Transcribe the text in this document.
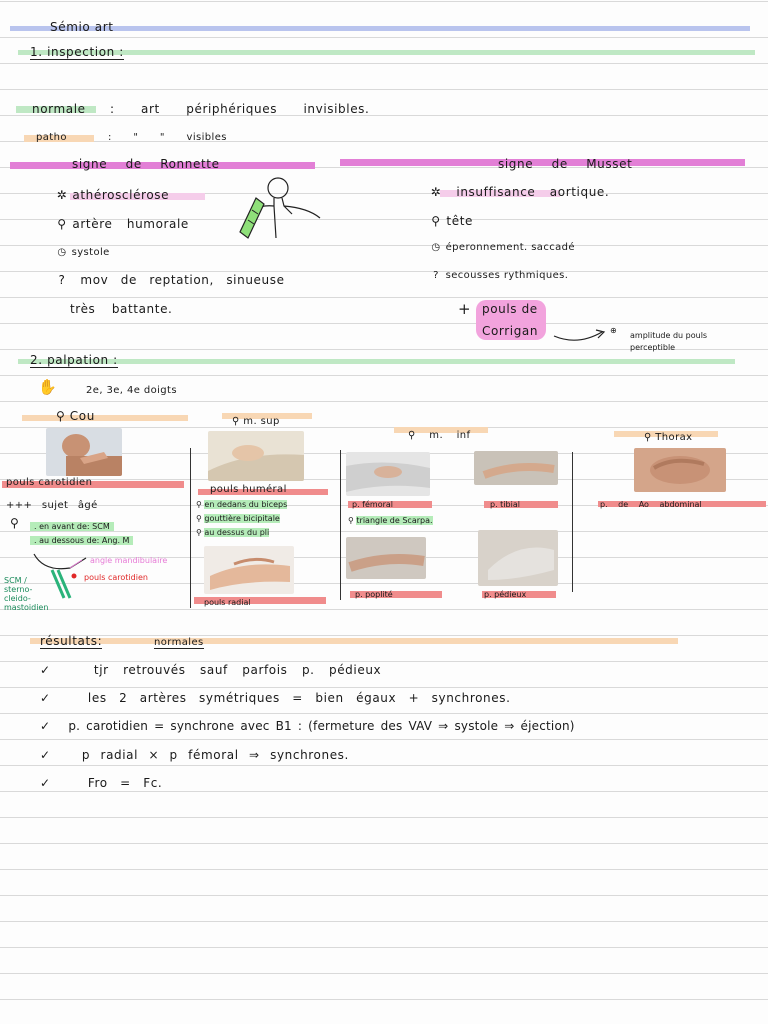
Sémio art
1. inspection :
normale : art périphériques invisibles.
patho	: " " visibles
signe de Ronnette
✲ athérosclérose
⚲ artère humorale
◷ systole
? mov de reptation, sinueuse
très battante.
signe de Musset
✲ insuffisance aortique.
⚲ tête
◷ éperonnement. saccadé
? secousses rythmiques.
+ pouls de Corrigan	⊕
amplitude du pouls perceptible
2. palpation :
✋	2e, 3e, 4e doigts
⚲ Cou
pouls carotidien
+++ sujet âgé
⚲	. en avant de: SCM
. au dessous de: Ang. M
angle mandibulaire
pouls carotidien
SCM / sterno-cleido-mastoidien
⚲ m. sup
pouls huméral
⚲ en dedans du biceps
⚲ gouttière bicipitale
⚲ au dessus du pli
pouls radial
⚲ m. inf
p. fémoral
⚲ triangle de Scarpa.
p. tibial
p. poplité	p. pédieux
⚲ Thorax
p. de Ao abdominal
résultats:	normales
✓	tjr retrouvés sauf parfois p. pédieux
✓	les 2 artères symétriques = bien égaux + synchrones.
✓ p. carotidien = synchrone avec B1 : (fermeture des VAV ⇒ systole ⇒ éjection)
✓	p radial × p fémoral ⇒ synchrones.
✓	Fro = Fc.
